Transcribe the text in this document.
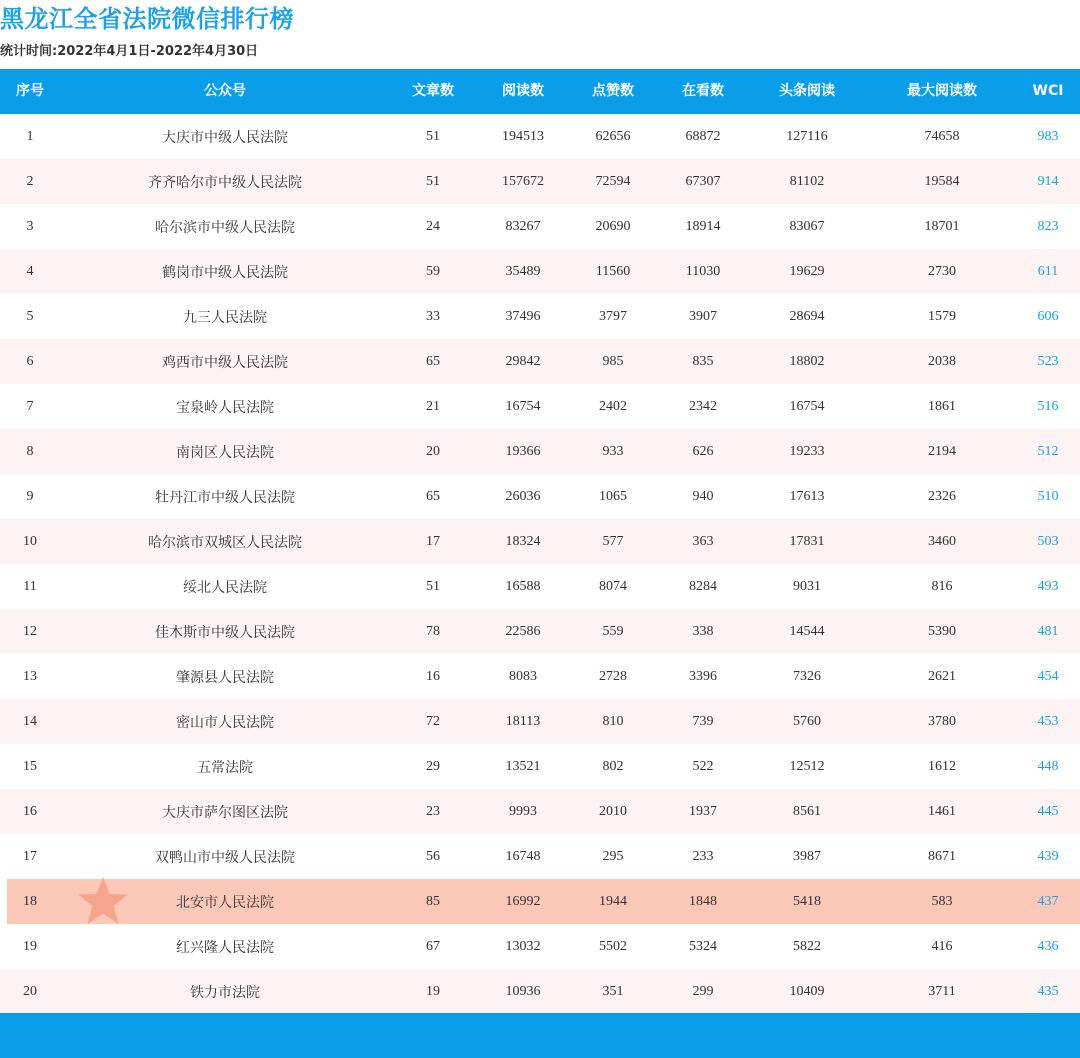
黑龙江全省法院微信排行榜
统计时间:2022年4月1日-2022年4月30日
序号	公众号	文章数	阅读数	点赞数	在看数	头条阅读	最大阅读数	WCI
1	大庆市中级人民法院	51	194513	62656	68872	127116	74658	983
2	齐齐哈尔市中级人民法院	51	157672	72594	67307	81102	19584	914
3	哈尔滨市中级人民法院	24	83267	20690	18914	83067	18701	823
4	鹤岗市中级人民法院	59	35489	11560	11030	19629	2730	611
5	九三人民法院	33	37496	3797	3907	28694	1579	606
6	鸡西市中级人民法院	65	29842	985	835	18802	2038	523
7	宝泉岭人民法院	21	16754	2402	2342	16754	1861	516
8	南岗区人民法院	20	19366	933	626	19233	2194	512
9	牡丹江市中级人民法院	65	26036	1065	940	17613	2326	510
10	哈尔滨市双城区人民法院	17	18324	577	363	17831	3460	503
11	绥北人民法院	51	16588	8074	8284	9031	816	493
12	佳木斯市中级人民法院	78	22586	559	338	14544	5390	481
13	肇源县人民法院	16	8083	2728	3396	7326	2621	454
14	密山市人民法院	72	18113	810	739	5760	3780	453
15	五常法院	29	13521	802	522	12512	1612	448
16	大庆市萨尔图区法院	23	9993	2010	1937	8561	1461	445
17	双鸭山市中级人民法院	56	16748	295	233	3987	8671	439
18	北安市人民法院	85	16992	1944	1848	5418	583	437
19	红兴隆人民法院	67	13032	5502	5324	5822	416	436
20	铁力市法院	19	10936	351	299	10409	3711	435
